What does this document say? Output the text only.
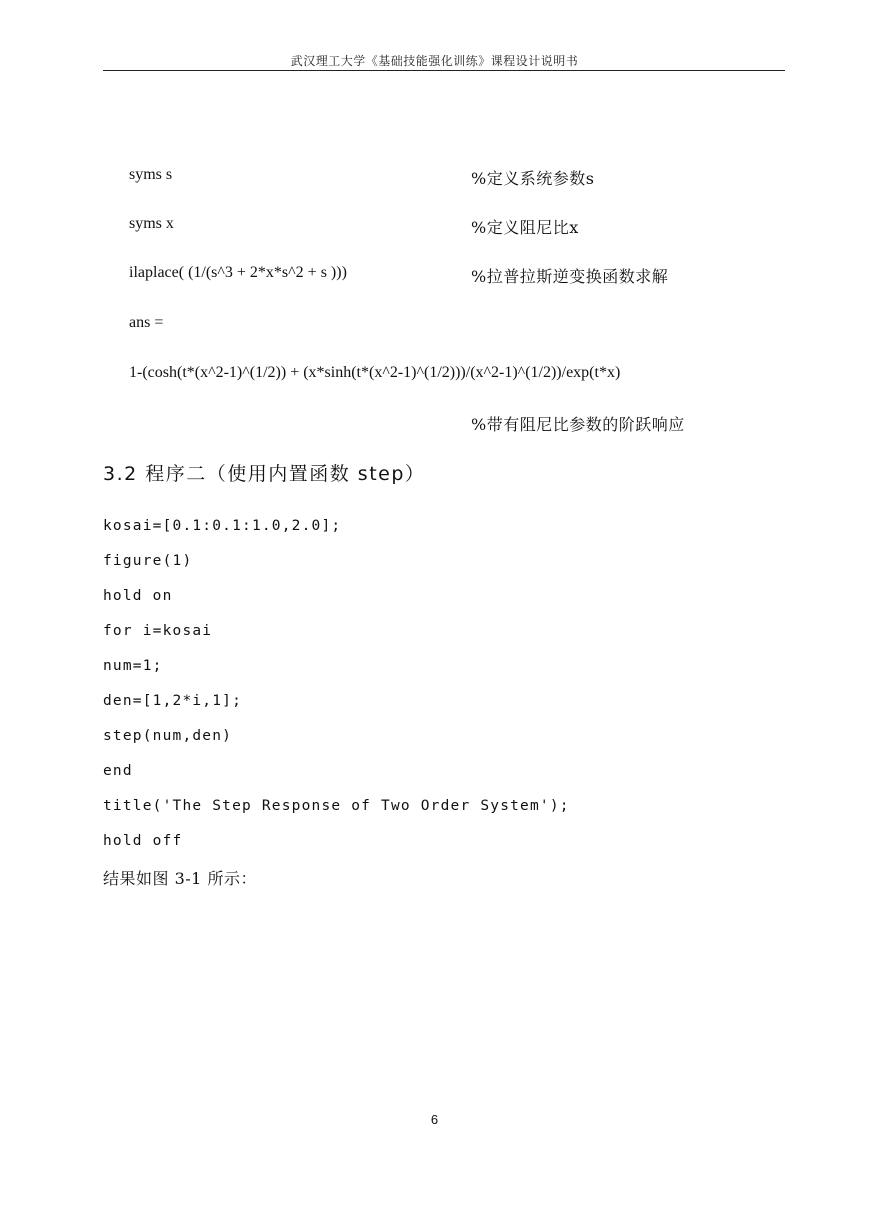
武汉理工大学《基础技能强化训练》课程设计说明书
syms s	%定义系统参数s
syms x	%定义阻尼比x
ilaplace( (1/(s^3 + 2*x*s^2 + s )))	%拉普拉斯逆变换函数求解
ans =
1-(cosh(t*(x^2-1)^(1/2)) + (x*sinh(t*(x^2-1)^(1/2)))/(x^2-1)^(1/2))/exp(t*x)
%带有阻尼比参数的阶跃响应
3.2 程序二（使用内置函数 step）
kosai=[0.1:0.1:1.0,2.0];
figure(1)
hold on
for i=kosai
num=1;
den=[1,2*i,1];
step(num,den)
end
title('The Step Response of Two Order System');
hold off
结果如图 3-1 所示：
6
